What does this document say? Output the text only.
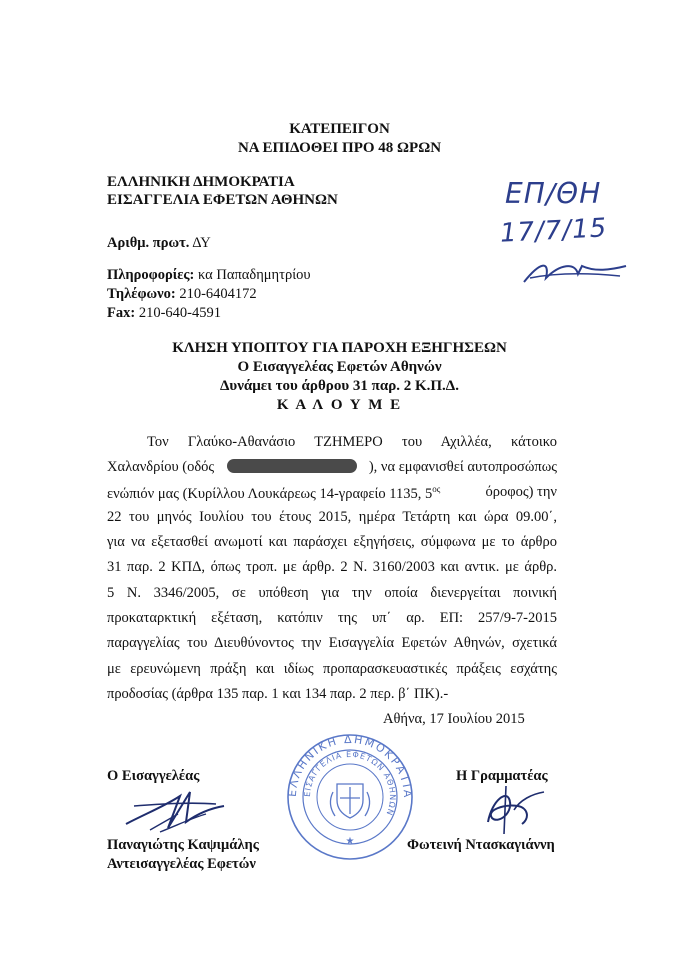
ΚΑΤΕΠΕΙΓΟΝ
ΝΑ ΕΠΙΔΟΘΕΙ ΠΡΟ 48 ΩΡΩΝ
ΕΛΛΗΝΙΚΗ ΔΗΜΟΚΡΑΤΙΑ
ΕΙΣΑΓΓΕΛΙΑ ΕΦΕΤΩΝ ΑΘΗΝΩΝ	ΕΠ/ΘΗ
17/7/15
Αριθμ. πρωτ. ΔΥ
Πληροφορίες: κα Παπαδημητρίου
Τηλέφωνο: 210-6404172
Fax: 210-640-4591
ΚΛΗΣΗ ΥΠΟΠΤΟΥ ΓΙΑ ΠΑΡΟΧΗ ΕΞΗΓΗΣΕΩΝ
Ο Εισαγγελέας Εφετών Αθηνών
Δυνάμει του άρθρου 31 παρ. 2 Κ.Π.Δ.
Κ Α Λ Ο Υ Μ Ε
Τον Γλαύκο-Αθανάσιο ΤΖΗΜΕΡΟ του Αχιλλέα, κάτοικο
Χαλανδρίου (οδός	), να εμφανισθεί αυτοπροσώπως
ενώπιόν μας (Κυρίλλου Λουκάρεως 14-γραφείο 1135, $5^{o\varsigma}$	όροφος) την
22 του μηνός Ιουλίου του έτους 2015, ημέρα Τετάρτη και ώρα 09.00΄,
για να εξετασθεί ανωμοτί και παράσχει εξηγήσεις, σύμφωνα με το άρθρο
31 παρ. 2 ΚΠΔ, όπως τροπ. με άρθρ. 2 Ν. 3160/2003 και αντικ. με άρθρ.
5 Ν. 3346/2005, σε υπόθεση για την οποία διενεργείται ποινική
προκαταρκτική εξέταση, κατόπιν της υπ΄ αρ. ΕΠ: 257/9-7-2015
παραγγελίας του Διευθύνοντος την Εισαγγελία Εφετών Αθηνών, σχετικά
με ερευνώμενη πράξη και ιδίως προπαρασκευαστικές πράξεις εσχάτης
προδοσίας (άρθρα 135 παρ. 1 και 134 παρ. 2 περ. β΄ ΠΚ).-
Αθήνα, 17 Ιουλίου 2015
ΕΛΛΗΝΙΚΗ ΔΗΜΟΚΡΑΤΙΑ
ΕΙΣΑΓΓΕΛΙΑ ΕΦΕΤΩΝ ΑΘΗΝΩΝ
★
Ο Εισαγγελέας
Παναγιώτης Καψιμάλης
Αντεισαγγελέας Εφετών
Η Γραμματέας
Φωτεινή Ντασκαγιάννη
